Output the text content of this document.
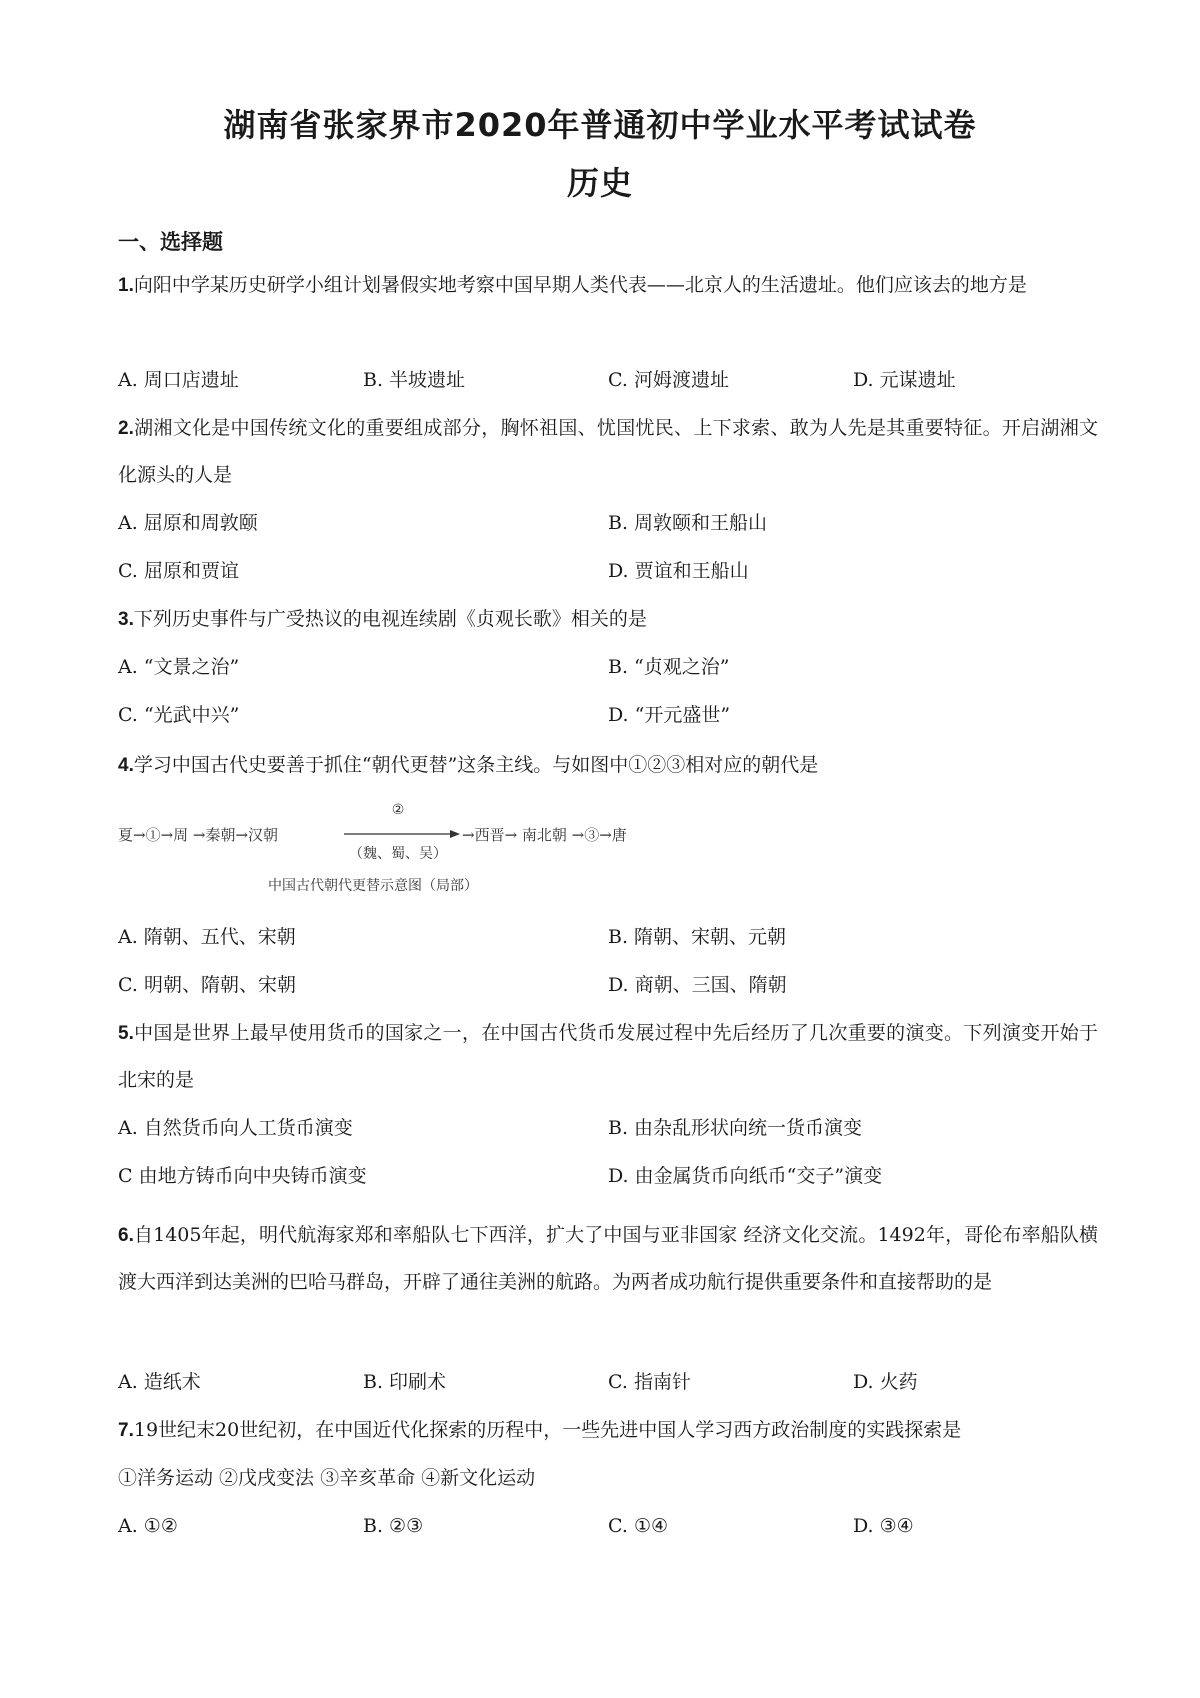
湖南省张家界市2020年普通初中学业水平考试试卷
历史
一、选择题
1.向阳中学某历史研学小组计划暑假实地考察中国早期人类代表——北京人的生活遗址。他们应该去的地方是
A. 周口店遗址	B. 半坡遗址	C. 河姆渡遗址	D. 元谋遗址
2.湖湘文化是中国传统文化的重要组成部分，胸怀祖国、忧国忧民、上下求索、敢为人先是其重要特征。开启湖湘文化源头的人是
A. 屈原和周敦颐	B. 周敦颐和王船山
C. 屈原和贾谊	D. 贾谊和王船山
3.下列历史事件与广受热议的电视连续剧《贞观长歌》相关的是
A. “文景之治”	B. “贞观之治”
C. “光武中兴”	D. “开元盛世”
4.学习中国古代史要善于抓住“朝代更替”这条主线。与如图中①②③相对应的朝代是
夏→①→周 →秦朝→汉朝
②
（魏、蜀、吴）
→西晋→ 南北朝 →③→唐
中国古代朝代更替示意图（局部）
A. 隋朝、五代、宋朝	B. 隋朝、宋朝、元朝
C. 明朝、隋朝、宋朝	D. 商朝、三国、隋朝
5.中国是世界上最早使用货币的国家之一，在中国古代货币发展过程中先后经历了几次重要的演变。下列演变开始于北宋的是
A. 自然货币向人工货币演变	B. 由杂乱形状向统一货币演变
C 由地方铸币向中央铸币演变	D. 由金属货币向纸币“交子”演变
6.自1405年起，明代航海家郑和率船队七下西洋，扩大了中国与亚非国家 经济文化交流。1492年，哥伦布率船队横渡大西洋到达美洲的巴哈马群岛，开辟了通往美洲的航路。为两者成功航行提供重要条件和直接帮助的是
A. 造纸术	B. 印刷术	C. 指南针	D. 火药
7.19世纪末20世纪初，在中国近代化探索的历程中，一些先进中国人学习西方政治制度的实践探索是
①洋务运动 ②戊戌变法 ③辛亥革命 ④新文化运动
A. ①②	B. ②③	C. ①④	D. ③④
